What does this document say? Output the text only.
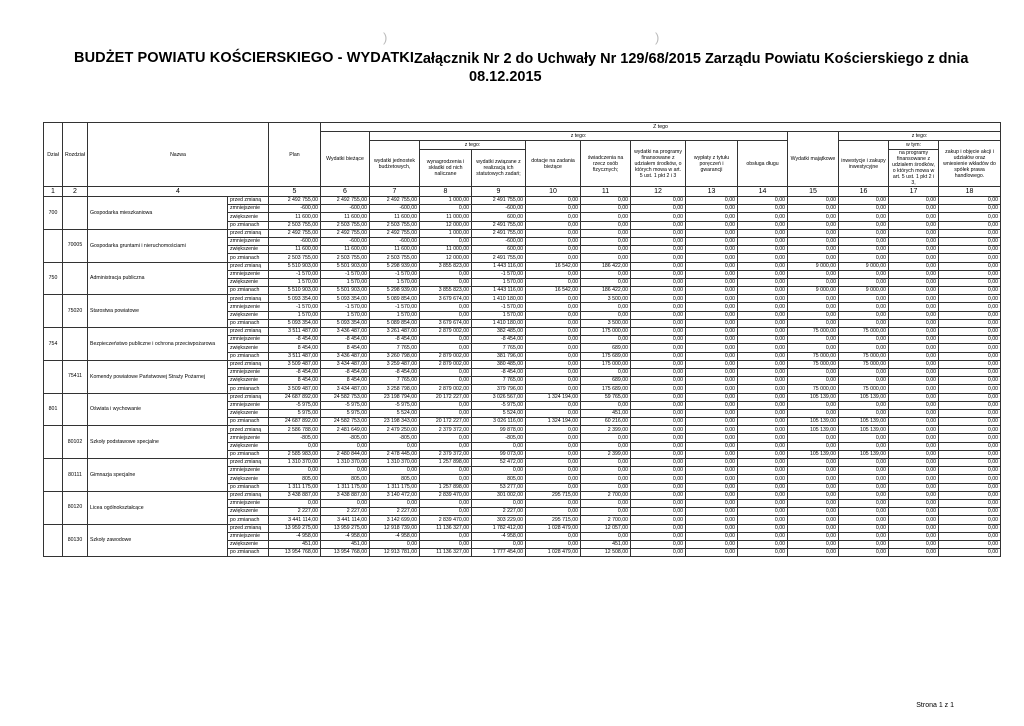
)	)
BUDŻET POWIATU KOŚCIERSKIEGO - WYDATKI Załącznik Nr 2 do Uchwały Nr 129/68/2015 Zarządu Powiatu Kościerskiego z dnia
08.12.2015
Dział	Rozdział	Nazwa		Plan	Z tego												
					Wydatki bieżące	z tego:								Wydatki majątkowe	z tego:		
						wydatki jednostek budżetowych,	z tego:		dotacje na zadania bieżące	świadczenia na rzecz osób fizycznych;	wydatki na programy finansowane z udziałem środków, o których mowa w art. 5 ust. 1 pkt 2 i 3	wypłaty z tytułu poręczeń i gwarancji	obsługa długu		inwestycje i zakupy inwestycyjne	w tym:	zakup i objęcie akcji i udziałów oraz wniesienie wkładów do spółek prawa handlowego.
							wynagrodzenia i składki od nich naliczane	wydatki związane z realizacją ich statutowych zadań;								na programy finansowane z udziałem środków, o których mowa w art. 5 ust. 1 pkt 2 i 3,	
1	2	4		5	6	7	8	9	10	11	12	13	14	15	16	17	18
700		Gospodarka mieszkaniowa	przed zmianą	2 492 755,00	2 492 755,00	2 492 755,00	1 000,00	2 491 755,00	0,00	0,00	0,00	0,00	0,00	0,00	0,00	0,00	0,00
			zmniejszenie	-600,00	-600,00	-600,00	0,00	-600,00	0,00	0,00	0,00	0,00	0,00	0,00	0,00	0,00	0,00
			zwiększenie	11 600,00	11 600,00	11 600,00	11 000,00	600,00	0,00	0,00	0,00	0,00	0,00	0,00	0,00	0,00	0,00
			po zmianach	2 503 755,00	2 503 755,00	2 503 755,00	12 000,00	2 491 755,00	0,00	0,00	0,00	0,00	0,00	0,00	0,00	0,00	0,00
	70005	Gospodarka gruntami i nieruchomościami	przed zmianą	2 492 755,00	2 492 755,00	2 492 755,00	1 000,00	2 491 755,00	0,00	0,00	0,00	0,00	0,00	0,00	0,00	0,00	0,00
			zmniejszenie	-600,00	-600,00	-600,00	0,00	-600,00	0,00	0,00	0,00	0,00	0,00	0,00	0,00	0,00	0,00
			zwiększenie	11 600,00	11 600,00	11 600,00	11 000,00	600,00	0,00	0,00	0,00	0,00	0,00	0,00	0,00	0,00	0,00
			po zmianach	2 503 755,00	2 503 755,00	2 503 755,00	12 000,00	2 491 755,00	0,00	0,00	0,00	0,00	0,00	0,00	0,00	0,00	0,00
750		Administracja publiczna	przed zmianą	5 510 903,00	5 501 903,00	5 298 939,00	3 855 823,00	1 443 116,00	16 542,00	186 422,00	0,00	0,00	0,00	9 000,00	9 000,00	0,00	0,00
			zmniejszenie	-1 570,00	-1 570,00	-1 570,00	0,00	-1 570,00	0,00	0,00	0,00	0,00	0,00	0,00	0,00	0,00	0,00
			zwiększenie	1 570,00	1 570,00	1 570,00	0,00	1 570,00	0,00	0,00	0,00	0,00	0,00	0,00	0,00	0,00	0,00
			po zmianach	5 510 903,00	5 501 903,00	5 298 939,00	3 855 823,00	1 443 116,00	16 542,00	186 422,00	0,00	0,00	0,00	9 000,00	9 000,00	0,00	0,00
	75020	Starostwa powiatowe	przed zmianą	5 093 354,00	5 093 354,00	5 089 854,00	3 679 674,00	1 410 180,00	0,00	3 500,00	0,00	0,00	0,00	0,00	0,00	0,00	0,00
			zmniejszenie	-1 570,00	-1 570,00	-1 570,00	0,00	-1 570,00	0,00	0,00	0,00	0,00	0,00	0,00	0,00	0,00	0,00
			zwiększenie	1 570,00	1 570,00	1 570,00	0,00	1 570,00	0,00	0,00	0,00	0,00	0,00	0,00	0,00	0,00	0,00
			po zmianach	5 093 354,00	5 093 354,00	5 089 854,00	3 679 674,00	1 410 180,00	0,00	3 500,00	0,00	0,00	0,00	0,00	0,00	0,00	0,00
754		Bezpieczeństwo publiczne i ochrona przeciwpożarowa	przed zmianą	3 511 487,00	3 436 487,00	3 261 487,00	2 879 002,00	382 485,00	0,00	175 000,00	0,00	0,00	0,00	75 000,00	75 000,00	0,00	0,00
			zmniejszenie	-8 454,00	-8 454,00	-8 454,00	0,00	-8 454,00	0,00	0,00	0,00	0,00	0,00	0,00	0,00	0,00	0,00
			zwiększenie	8 454,00	8 454,00	7 765,00	0,00	7 765,00	0,00	689,00	0,00	0,00	0,00	0,00	0,00	0,00	0,00
			po zmianach	3 511 487,00	3 436 487,00	3 260 798,00	2 879 002,00	381 796,00	0,00	175 689,00	0,00	0,00	0,00	75 000,00	75 000,00	0,00	0,00
	75411	Komendy powiatowe Państwowej Straży Pożarnej	przed zmianą	3 509 487,00	3 434 487,00	3 259 487,00	2 879 002,00	380 485,00	0,00	175 000,00	0,00	0,00	0,00	75 000,00	75 000,00	0,00	0,00
			zmniejszenie	-8 454,00	-8 454,00	-8 454,00	0,00	-8 454,00	0,00	0,00	0,00	0,00	0,00	0,00	0,00	0,00	0,00
			zwiększenie	8 454,00	8 454,00	7 765,00	0,00	7 765,00	0,00	689,00	0,00	0,00	0,00	0,00	0,00	0,00	0,00
			po zmianach	3 509 487,00	3 434 487,00	3 258 798,00	2 879 002,00	379 796,00	0,00	175 689,00	0,00	0,00	0,00	75 000,00	75 000,00	0,00	0,00
801		Oświata i wychowanie	przed zmianą	24 687 892,00	24 582 753,00	23 198 794,00	20 172 227,00	3 026 567,00	1 324 194,00	59 765,00	0,00	0,00	0,00	105 139,00	105 139,00	0,00	0,00
			zmniejszenie	-5 975,00	-5 975,00	-5 975,00	0,00	-5 975,00	0,00	0,00	0,00	0,00	0,00	0,00	0,00	0,00	0,00
			zwiększenie	5 975,00	5 975,00	5 524,00	0,00	5 524,00	0,00	451,00	0,00	0,00	0,00	0,00	0,00	0,00	0,00
			po zmianach	24 687 892,00	24 582 753,00	23 198 343,00	20 172 227,00	3 026 116,00	1 324 194,00	60 216,00	0,00	0,00	0,00	105 139,00	105 139,00	0,00	0,00
	80102	Szkoły podstawowe specjalne	przed zmianą	2 586 788,00	2 481 649,00	2 479 250,00	2 379 372,00	99 878,00	0,00	2 399,00	0,00	0,00	0,00	105 139,00	105 139,00	0,00	0,00
			zmniejszenie	-805,00	-805,00	-805,00	0,00	-805,00	0,00	0,00	0,00	0,00	0,00	0,00	0,00	0,00	0,00
			zwiększenie	0,00	0,00	0,00	0,00	0,00	0,00	0,00	0,00	0,00	0,00	0,00	0,00	0,00	0,00
			po zmianach	2 585 983,00	2 480 844,00	2 478 445,00	2 379 372,00	99 073,00	0,00	2 399,00	0,00	0,00	0,00	105 139,00	105 139,00	0,00	0,00
	80111	Gimnazja specjalne	przed zmianą	1 310 370,00	1 310 370,00	1 310 370,00	1 257 898,00	52 472,00	0,00	0,00	0,00	0,00	0,00	0,00	0,00	0,00	0,00
			zmniejszenie	0,00	0,00	0,00	0,00	0,00	0,00	0,00	0,00	0,00	0,00	0,00	0,00	0,00	0,00
			zwiększenie	805,00	805,00	805,00	0,00	805,00	0,00	0,00	0,00	0,00	0,00	0,00	0,00	0,00	0,00
			po zmianach	1 311 175,00	1 311 175,00	1 311 175,00	1 257 898,00	53 277,00	0,00	0,00	0,00	0,00	0,00	0,00	0,00	0,00	0,00
	80120	Licea ogólnokształcące	przed zmianą	3 438 887,00	3 438 887,00	3 140 472,00	2 839 470,00	301 002,00	295 715,00	2 700,00	0,00	0,00	0,00	0,00	0,00	0,00	0,00
			zmniejszenie	0,00	0,00	0,00	0,00	0,00	0,00	0,00	0,00	0,00	0,00	0,00	0,00	0,00	0,00
			zwiększenie	2 227,00	2 227,00	2 227,00	0,00	2 227,00	0,00	0,00	0,00	0,00	0,00	0,00	0,00	0,00	0,00
			po zmianach	3 441 114,00	3 441 114,00	3 142 699,00	2 839 470,00	303 229,00	295 715,00	2 700,00	0,00	0,00	0,00	0,00	0,00	0,00	0,00
	80130	Szkoły zawodowe	przed zmianą	13 959 275,00	13 959 275,00	12 918 739,00	11 136 327,00	1 782 412,00	1 028 479,00	12 057,00	0,00	0,00	0,00	0,00	0,00	0,00	0,00
			zmniejszenie	-4 958,00	-4 958,00	-4 958,00	0,00	-4 958,00	0,00	0,00	0,00	0,00	0,00	0,00	0,00	0,00	0,00
			zwiększenie	451,00	451,00	0,00	0,00	0,00	0,00	451,00	0,00	0,00	0,00	0,00	0,00	0,00	0,00
			po zmianach	13 954 768,00	13 954 768,00	12 913 781,00	11 136 327,00	1 777 454,00	1 028 479,00	12 508,00	0,00	0,00	0,00	0,00	0,00	0,00	0,00
Strona 1 z 1
